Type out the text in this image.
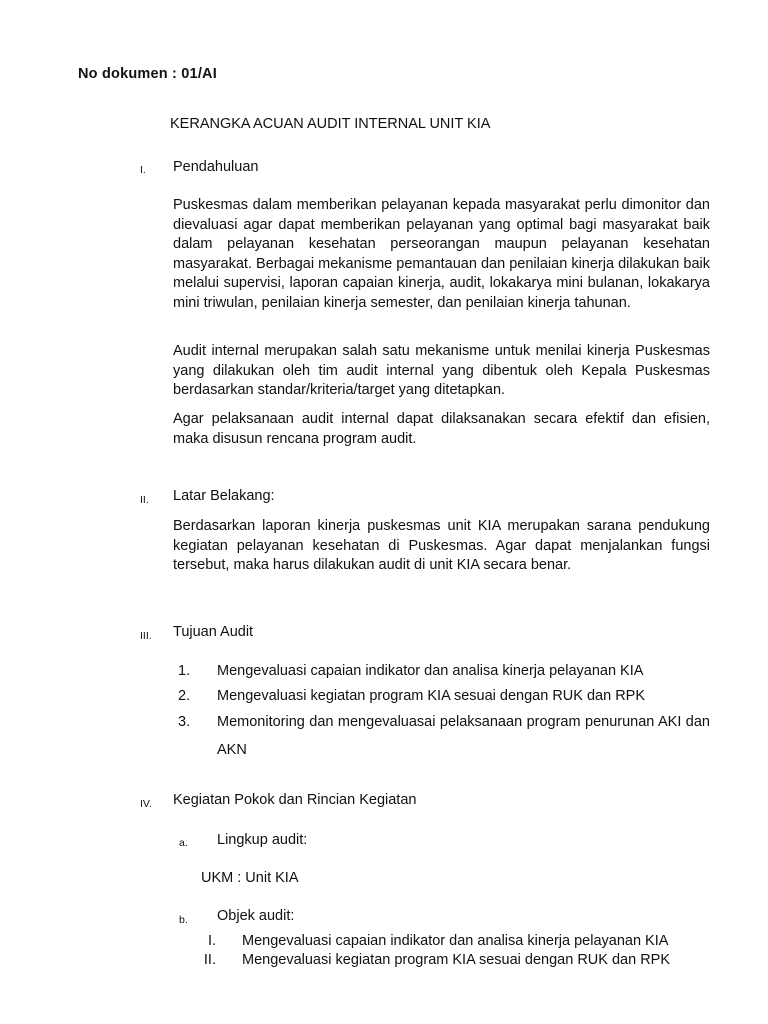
No dokumen : 01/AI
KERANGKA ACUAN AUDIT INTERNAL UNIT KIA
I. Pendahuluan

Puskesmas dalam memberikan pelayanan kepada masyarakat perlu dimonitor dan dievaluasi agar dapat memberikan pelayanan yang optimal bagi masyarakat baik dalam pelayanan kesehatan perseorangan maupun pelayanan kesehatan masyarakat. Berbagai mekanisme pemantauan dan penilaian kinerja dilakukan baik melalui supervisi, laporan capaian kinerja, audit, lokakarya mini bulanan, lokakarya mini triwulan, penilaian kinerja semester, dan penilaian kinerja tahunan.

Audit internal merupakan salah satu mekanisme untuk menilai kinerja Puskesmas yang dilakukan oleh tim audit internal yang dibentuk oleh Kepala Puskesmas berdasarkan standar/kriteria/target yang ditetapkan.

Agar pelaksanaan audit internal dapat dilaksanakan secara efektif dan efisien, maka disusun rencana program audit.

II. Latar Belakang:

Berdasarkan laporan kinerja puskesmas unit KIA merupakan sarana pendukung kegiatan pelayanan kesehatan di Puskesmas. Agar dapat menjalankan fungsi tersebut, maka harus dilakukan audit di unit KIA secara benar.

III. Tujuan Audit
1. Mengevaluasi capaian indikator dan analisa kinerja pelayanan KIA
2. Mengevaluasi kegiatan program KIA sesuai dengan RUK dan RPK
3. Memonitoring dan mengevaluasai pelaksanaan program penurunan AKI dan AKN
IV. Kegiatan Pokok dan Rincian Kegiatan
a. Lingkup audit:
UKM : Unit KIA
b. Objek audit:
I. Mengevaluasi capaian indikator dan analisa kinerja pelayanan KIA
II. Mengevaluasi kegiatan program KIA sesuai dengan RUK dan RPK
